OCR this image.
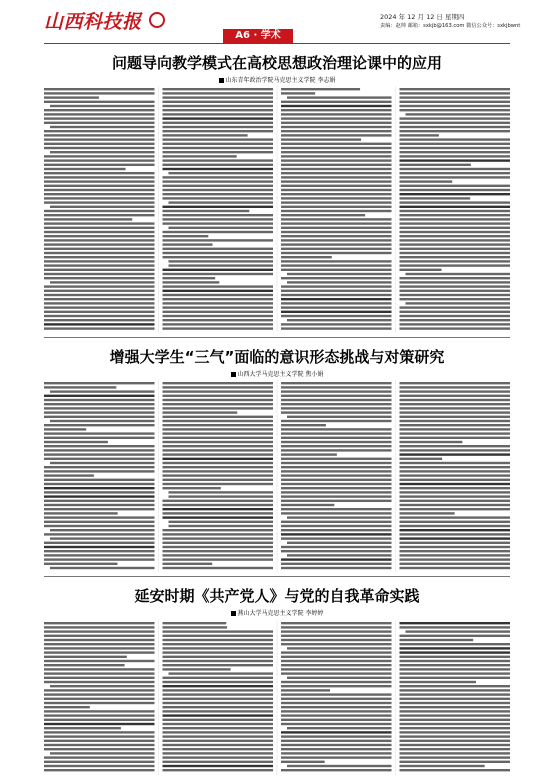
山西科技报
A6 · 学术
2024 年 12 月 12 日 星期四
责编：赵帅 邮箱：sxkjb@163.com 微信公众号：sxkjbwnt
问题导向教学模式在高校思想政治理论课中的应用
山东青年政治学院马克思主义学院 李志娟
增强大学生“三气”面临的意识形态挑战与对策研究
山西大学马克思主义学院 焦小娟
延安时期《共产党人》与党的自我革命实践
燕山大学马克思主义学院 李婷婷
